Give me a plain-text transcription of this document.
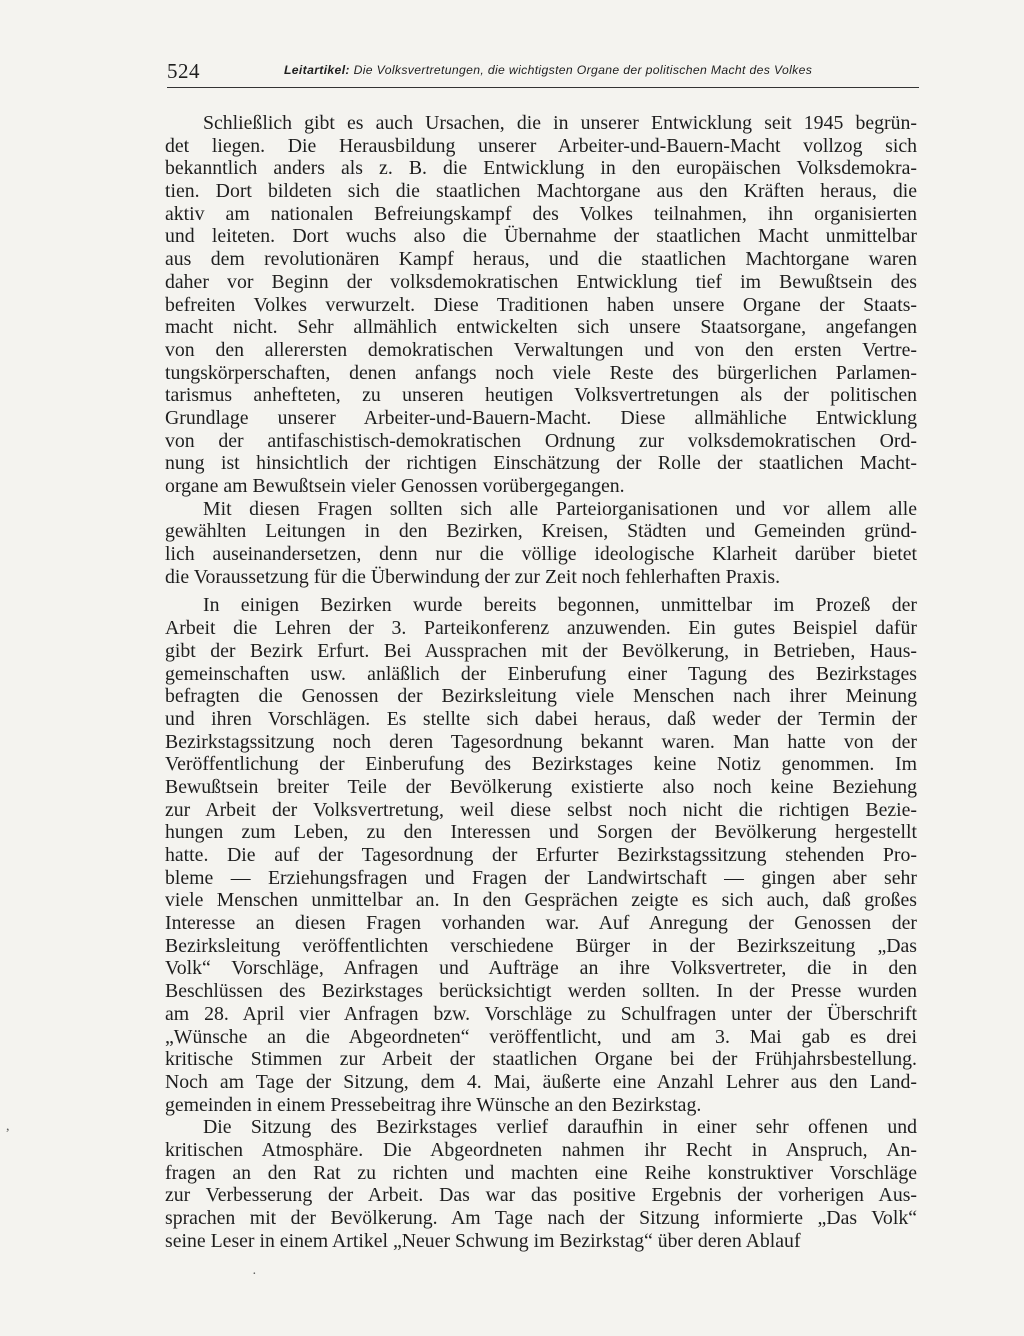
524	Leitartikel: Die Volksvertretungen, die wichtigsten Organe der politischen Macht des Volkes
Schließlich gibt es auch Ursachen, die in unserer Entwicklung seit 1945 begrün-
det liegen. Die Herausbildung unserer Arbeiter-und-Bauern-Macht vollzog sich
bekanntlich anders als z. B. die Entwicklung in den europäischen Volksdemokra-
tien. Dort bildeten sich die staatlichen Machtorgane aus den Kräften heraus, die
aktiv am nationalen Befreiungskampf des Volkes teilnahmen, ihn organisierten
und leiteten. Dort wuchs also die Übernahme der staatlichen Macht unmittelbar
aus dem revolutionären Kampf heraus, und die staatlichen Machtorgane waren
daher vor Beginn der volksdemokratischen Entwicklung tief im Bewußtsein des
befreiten Volkes verwurzelt. Diese Traditionen haben unsere Organe der Staats-
macht nicht. Sehr allmählich entwickelten sich unsere Staatsorgane, angefangen
von den allerersten demokratischen Verwaltungen und von den ersten Vertre-
tungskörperschaften, denen anfangs noch viele Reste des bürgerlichen Parlamen-
tarismus anhefteten, zu unseren heutigen Volksvertretungen als der politischen
Grundlage unserer Arbeiter-und-Bauern-Macht. Diese allmähliche Entwicklung
von der antifaschistisch-demokratischen Ordnung zur volksdemokratischen Ord-
nung ist hinsichtlich der richtigen Einschätzung der Rolle der staatlichen Macht-
organe am Bewußtsein vieler Genossen vorübergegangen.
Mit diesen Fragen sollten sich alle Parteiorganisationen und vor allem alle
gewählten Leitungen in den Bezirken, Kreisen, Städten und Gemeinden gründ-
lich auseinandersetzen, denn nur die völlige ideologische Klarheit darüber bietet
die Voraussetzung für die Überwindung der zur Zeit noch fehlerhaften Praxis.
In einigen Bezirken wurde bereits begonnen, unmittelbar im Prozeß der
Arbeit die Lehren der 3. Parteikonferenz anzuwenden. Ein gutes Beispiel dafür
gibt der Bezirk Erfurt. Bei Aussprachen mit der Bevölkerung, in Betrieben, Haus-
gemeinschaften usw. anläßlich der Einberufung einer Tagung des Bezirkstages
befragten die Genossen der Bezirksleitung viele Menschen nach ihrer Meinung
und ihren Vorschlägen. Es stellte sich dabei heraus, daß weder der Termin der
Bezirkstagssitzung noch deren Tagesordnung bekannt waren. Man hatte von der
Veröffentlichung der Einberufung des Bezirkstages keine Notiz genommen. Im
Bewußtsein breiter Teile der Bevölkerung existierte also noch keine Beziehung
zur Arbeit der Volksvertretung, weil diese selbst noch nicht die richtigen Bezie-
hungen zum Leben, zu den Interessen und Sorgen der Bevölkerung hergestellt
hatte. Die auf der Tagesordnung der Erfurter Bezirkstagssitzung stehenden Pro-
bleme — Erziehungsfragen und Fragen der Landwirtschaft — gingen aber sehr
viele Menschen unmittelbar an. In den Gesprächen zeigte es sich auch, daß großes
Interesse an diesen Fragen vorhanden war. Auf Anregung der Genossen der
Bezirksleitung veröffentlichten verschiedene Bürger in der Bezirkszeitung „Das
Volk“ Vorschläge, Anfragen und Aufträge an ihre Volksvertreter, die in den
Beschlüssen des Bezirkstages berücksichtigt werden sollten. In der Presse wurden
am 28. April vier Anfragen bzw. Vorschläge zu Schulfragen unter der Überschrift
„Wünsche an die Abgeordneten“ veröffentlicht, und am 3. Mai gab es drei
kritische Stimmen zur Arbeit der staatlichen Organe bei der Frühjahrsbestellung.
Noch am Tage der Sitzung, dem 4. Mai, äußerte eine Anzahl Lehrer aus den Land-
gemeinden in einem Pressebeitrag ihre Wünsche an den Bezirkstag.
Die Sitzung des Bezirkstages verlief daraufhin in einer sehr offenen und
kritischen Atmosphäre. Die Abgeordneten nahmen ihr Recht in Anspruch, An-
fragen an den Rat zu richten und machten eine Reihe konstruktiver Vorschläge
zur Verbesserung der Arbeit. Das war das positive Ergebnis der vorherigen Aus-
sprachen mit der Bevölkerung. Am Tage nach der Sitzung informierte „Das Volk“
seine Leser in einem Artikel „Neuer Schwung im Bezirkstag“ über deren Ablauf
,
·
